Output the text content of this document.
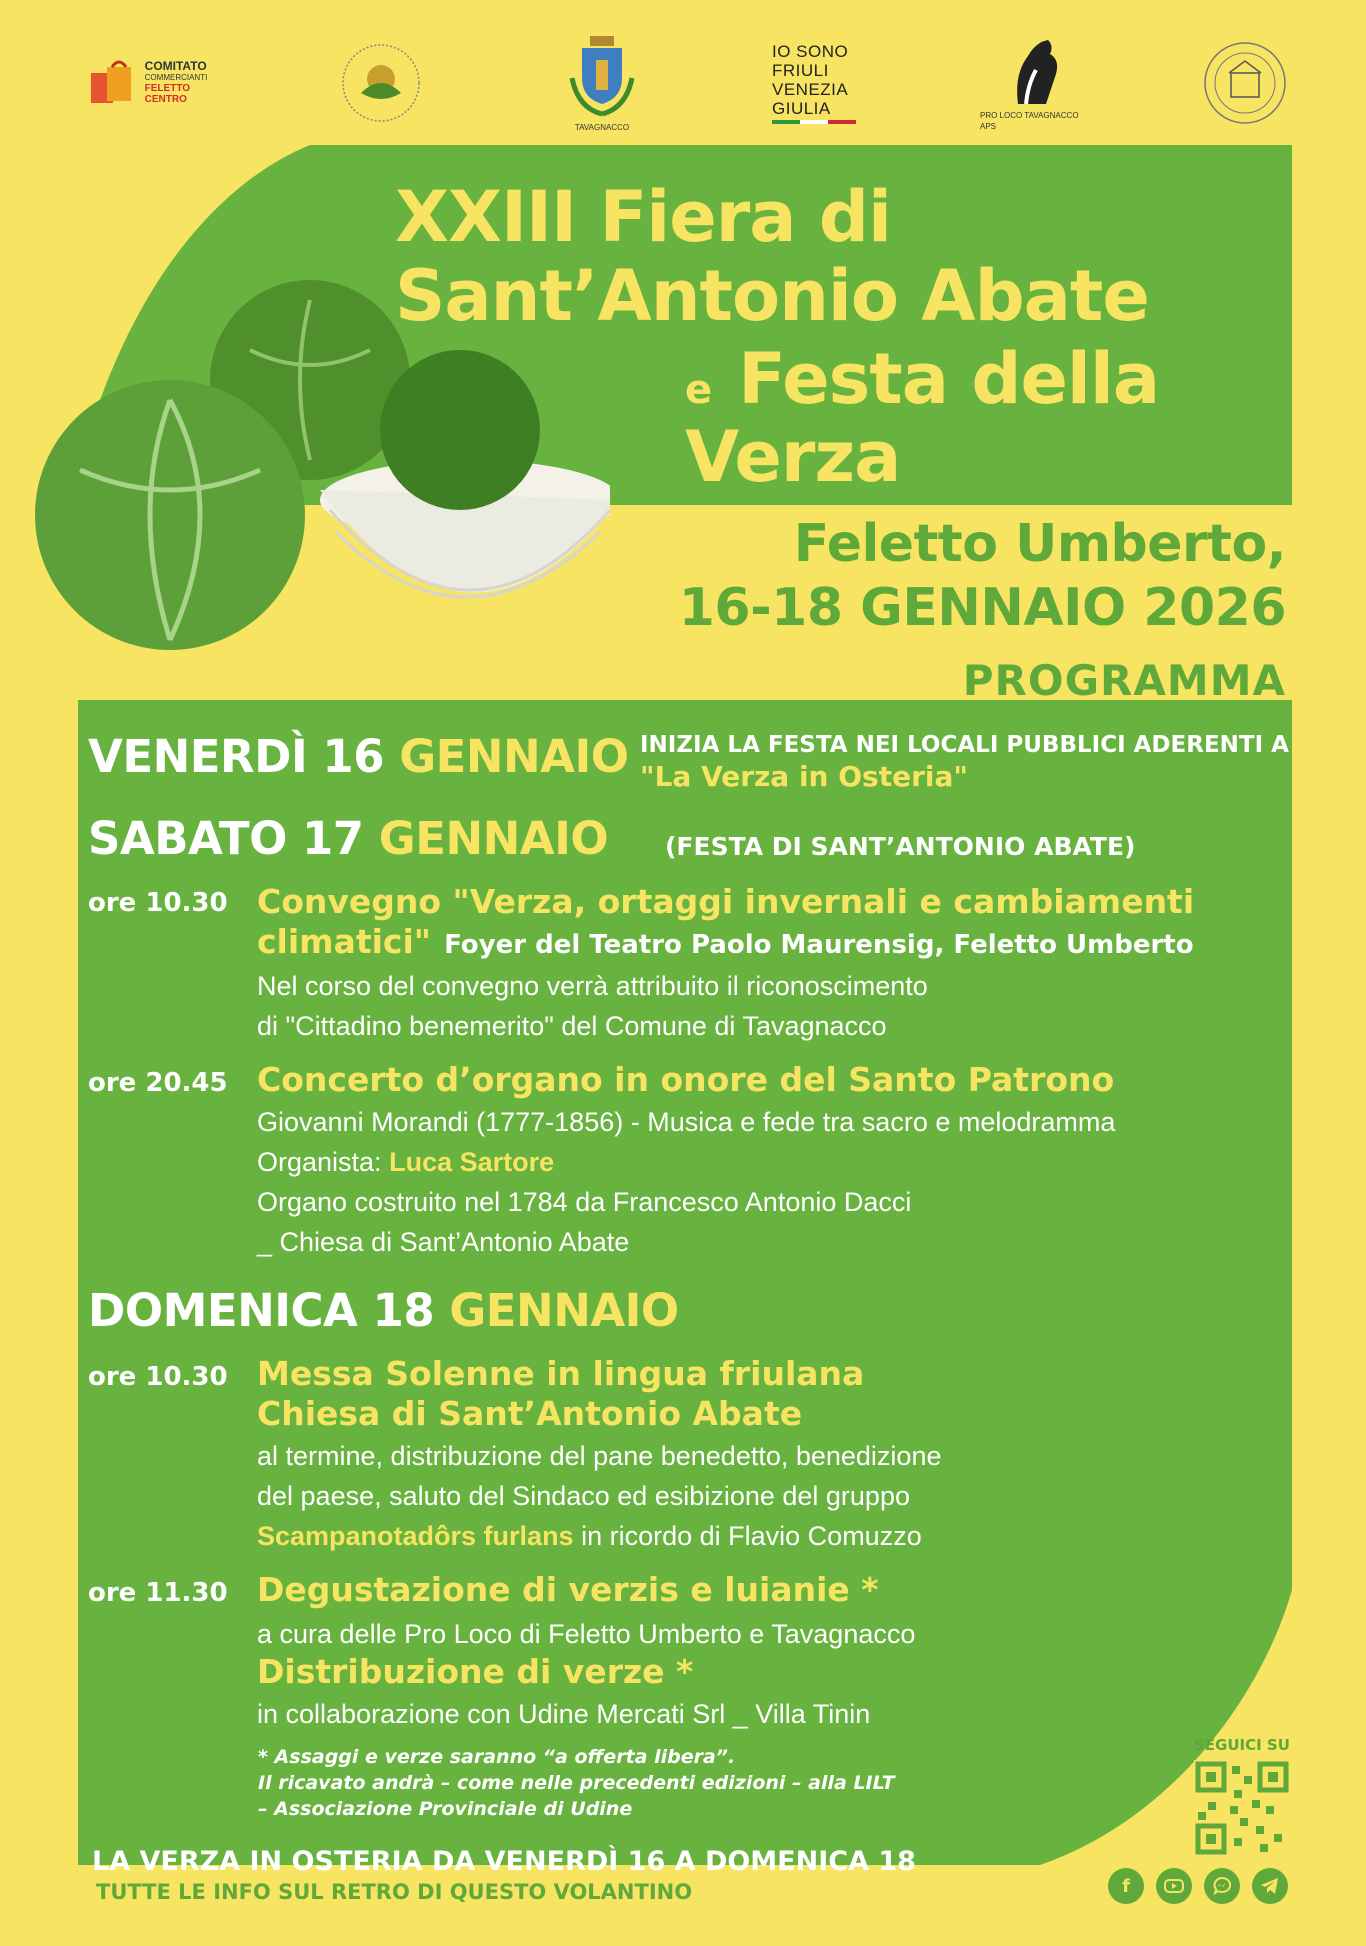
COMITATO
COMMERCIANTI
FELETTO
CENTRO
TAVAGNACCO
IO SONO
FRIULI
VENEZIA
GIULIA	PRO LOCO TAVAGNACCO APS
XXIII Fiera di
Sant’Antonio Abate
e Festa della
Verza
Feletto Umberto,
16-18 GENNAIO 2026
PROGRAMMA
VENERDÌ 16 GENNAIO INIZIA LA FESTA NEI LOCALI PUBBLICI ADERENTI A
"La Verza in Osteria"
SABATO 17 GENNAIO (FESTA DI SANT’ANTONIO ABATE)
ore 10.30 Convegno "Verza, ortaggi invernali e cambiamenti
climatici" Foyer del Teatro Paolo Maurensig, Feletto Umberto
Nel corso del convegno verrà attribuito il riconoscimento
di "Cittadino benemerito" del Comune di Tavagnacco
ore 20.45 Concerto d’organo in onore del Santo Patrono
Giovanni Morandi (1777-1856) - Musica e fede tra sacro e melodramma
Organista: Luca Sartore
Organo costruito nel 1784 da Francesco Antonio Dacci
_ Chiesa di Sant’Antonio Abate
DOMENICA 18 GENNAIO
ore 10.30 Messa Solenne in lingua friulana
Chiesa di Sant’Antonio Abate
al termine, distribuzione del pane benedetto, benedizione
del paese, saluto del Sindaco ed esibizione del gruppo
Scampanotadôrs furlans in ricordo di Flavio Comuzzo
ore 11.30 Degustazione di verzis e luianie *
a cura delle Pro Loco di Feletto Umberto e Tavagnacco
Distribuzione di verze *
in collaborazione con Udine Mercati Srl _ Villa Tinin
* Assaggi e verze saranno “a offerta libera”.
Il ricavato andrà – come nelle precedenti edizioni – alla LILT
– Associazione Provinciale di Udine
LA VERZA IN OSTERIA DA VENERDÌ 16 A DOMENICA 18
TUTTE LE INFO SUL RETRO DI QUESTO VOLANTINO
SEGUICI SU
f
